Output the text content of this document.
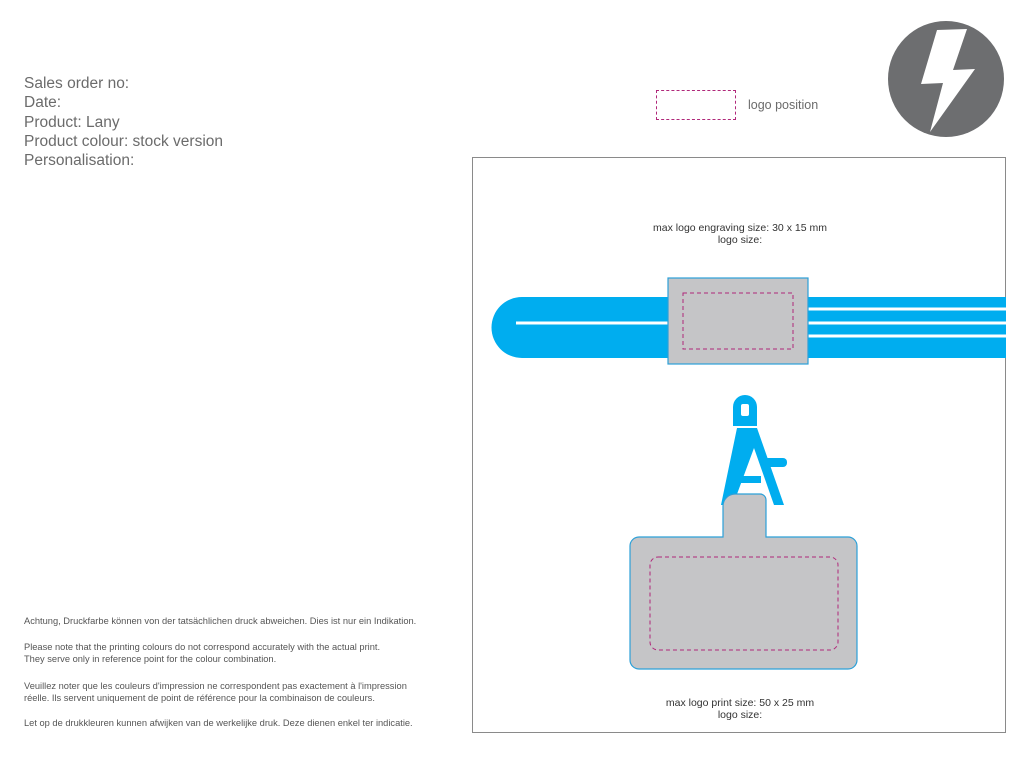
Sales order no:
Date:
Product: Lany
Product colour: stock version
Personalisation:
logo position
max logo engraving size: 30 x 15 mm
logo size:
max logo print size: 50 x 25 mm
logo size:
Achtung, Druckfarbe können von der tatsächlichen druck abweichen. Dies ist nur ein Indikation.
Please note that the printing colours do not correspond accurately with the actual print.
They serve only in reference point for the colour combination.
Veuillez noter que les couleurs d'impression ne correspondent pas exactement à l'impression
réelle. Ils servent uniquement de point de référence pour la combinaison de couleurs.
Let op de drukkleuren kunnen afwijken van de werkelijke druk. Deze dienen enkel ter indicatie.
